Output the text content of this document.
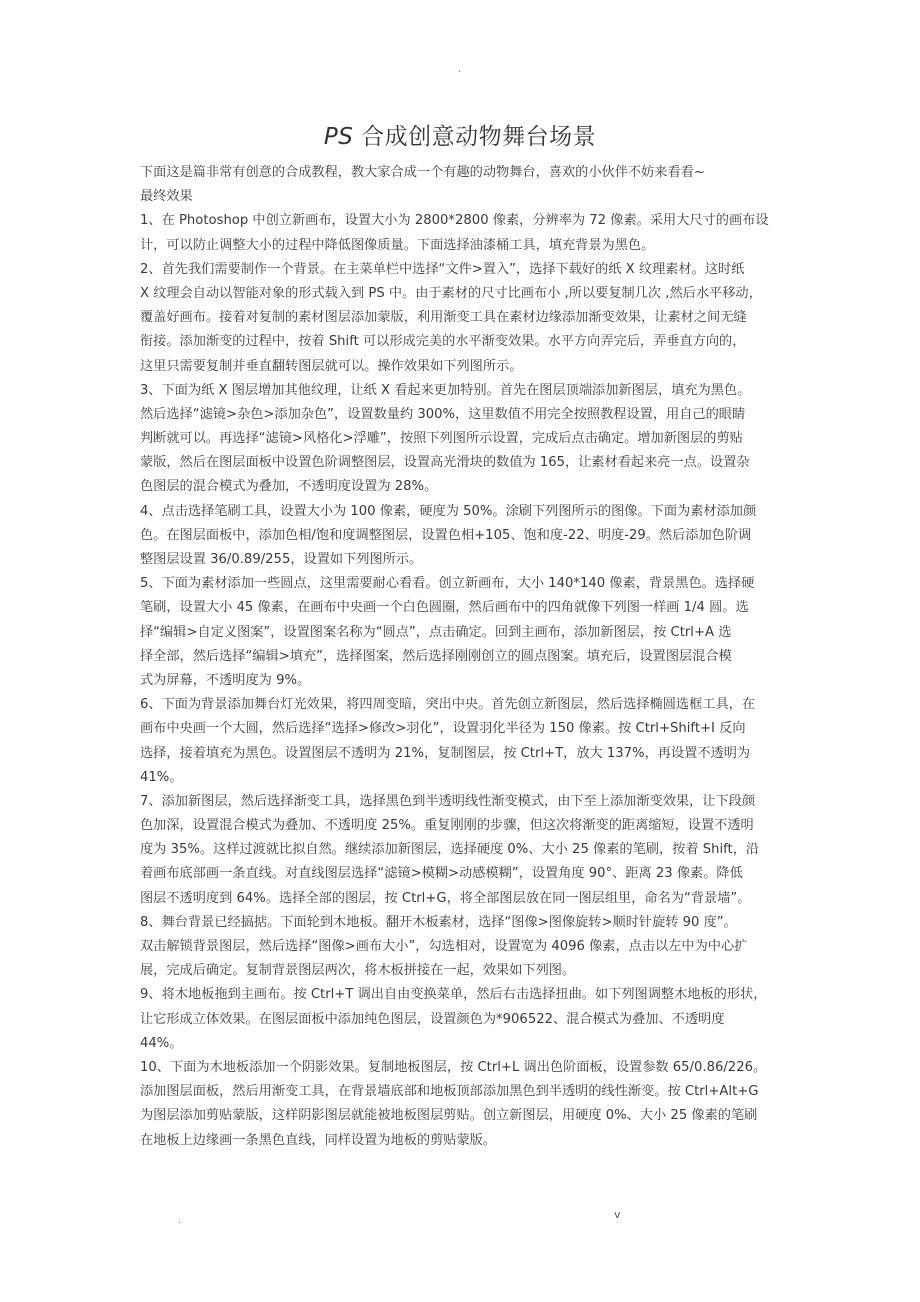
.
PS 合成创意动物舞台场景
下面这是篇非常有创意的合成教程，教大家合成一个有趣的动物舞台，喜欢的小伙伴不妨来看看~
最终效果
1、在 Photoshop 中创立新画布，设置大小为 2800*2800 像素，分辨率为 72 像素。采用大尺寸的画布设
计，可以防止调整大小的过程中降低图像质量。下面选择油漆桶工具，填充背景为黑色。
2、首先我们需要制作一个背景。在主菜单栏中选择“文件>置入”，选择下载好的纸 X 纹理素材。这时纸
X 纹理会自动以智能对象的形式载入到 PS 中。由于素材的尺寸比画布小 ,所以要复制几次 ,然后水平移动，
覆盖好画布。接着对复制的素材图层添加蒙版，利用渐变工具在素材边缘添加渐变效果，让素材之间无缝
衔接。添加渐变的过程中，按着 Shift 可以形成完美的水平渐变效果。水平方向弄完后，弄垂直方向的，
这里只需要复制并垂直翻转图层就可以。操作效果如下列图所示。
3、下面为纸 X 图层增加其他纹理，让纸 X 看起来更加特别。首先在图层顶端添加新图层，填充为黑色。
然后选择“滤镜>杂色>添加杂色”，设置数量约 300%，这里数值不用完全按照教程设置，用自己的眼睛
判断就可以。再选择“滤镜>风格化>浮雕”，按照下列图所示设置，完成后点击确定。增加新图层的剪贴
蒙版，然后在图层面板中设置色阶调整图层，设置高光滑块的数值为 165，让素材看起来亮一点。设置杂
色图层的混合模式为叠加，不透明度设置为 28%。
4、点击选择笔刷工具，设置大小为 100 像素，硬度为 50%。涂刷下列图所示的图像。下面为素材添加颜
色。在图层面板中，添加色相/饱和度调整图层，设置色相+105、饱和度-22、明度-29。然后添加色阶调
整图层设置 36/0.89/255，设置如下列图所示。
5、下面为素材添加一些圆点，这里需要耐心看看。创立新画布，大小 140*140 像素，背景黑色。选择硬
笔刷，设置大小 45 像素，在画布中央画一个白色圆圈，然后画布中的四角就像下列图一样画 1/4 圆。选
择“编辑>自定义图案”，设置图案名称为“圆点”，点击确定。回到主画布，添加新图层，按 Ctrl+A 选
择全部，然后选择“编辑>填充”，选择图案，然后选择刚刚创立的圆点图案。填充后，设置图层混合模
式为屏幕，不透明度为 9%。
6、下面为背景添加舞台灯光效果，将四周变暗，突出中央。首先创立新图层，然后选择椭圆选框工具，在
画布中央画一个大圆，然后选择“选择>修改>羽化”，设置羽化半径为 150 像素。按 Ctrl+Shift+I 反向
选择，接着填充为黑色。设置图层不透明为 21%，复制图层，按 Ctrl+T，放大 137%，再设置不透明为
41%。
7、添加新图层，然后选择渐变工具，选择黑色到半透明线性渐变模式，由下至上添加渐变效果，让下段颜
色加深，设置混合模式为叠加、不透明度 25%。重复刚刚的步骤，但这次将渐变的距离缩短，设置不透明
度为 35%。这样过渡就比拟自然。继续添加新图层，选择硬度 0%、大小 25 像素的笔刷，按着 Shift，沿
着画布底部画一条直线。对直线图层选择“滤镜>模糊>动感模糊”，设置角度 90°、距离 23 像素。降低
图层不透明度到 64%。选择全部的图层，按 Ctrl+G，将全部图层放在同一图层组里，命名为“背景墙”。
8、舞台背景已经搞掂。下面轮到木地板。翻开木板素材，选择“图像>图像旋转>顺时针旋转 90 度”。
双击解锁背景图层，然后选择“图像>画布大小”，勾选相对，设置宽为 4096 像素，点击以左中为中心扩
展，完成后确定。复制背景图层两次，将木板拼接在一起，效果如下列图。
9、将木地板拖到主画布。按 Ctrl+T 调出自由变换菜单，然后右击选择扭曲。如下列图调整木地板的形状，
让它形成立体效果。在图层面板中添加纯色图层，设置颜色为*906522、混合模式为叠加、不透明度
44%。
10、下面为木地板添加一个阴影效果。复制地板图层，按 Ctrl+L 调出色阶面板，设置参数 65/0.86/226。
添加图层面板，然后用渐变工具，在背景墙底部和地板顶部添加黑色到半透明的线性渐变。按 Ctrl+Alt+G
为图层添加剪贴蒙版，这样阴影图层就能被地板图层剪贴。创立新图层，用硬度 0%、大小 25 像素的笔刷
在地板上边缘画一条黑色直线，同样设置为地板的剪贴蒙版。
.	v
